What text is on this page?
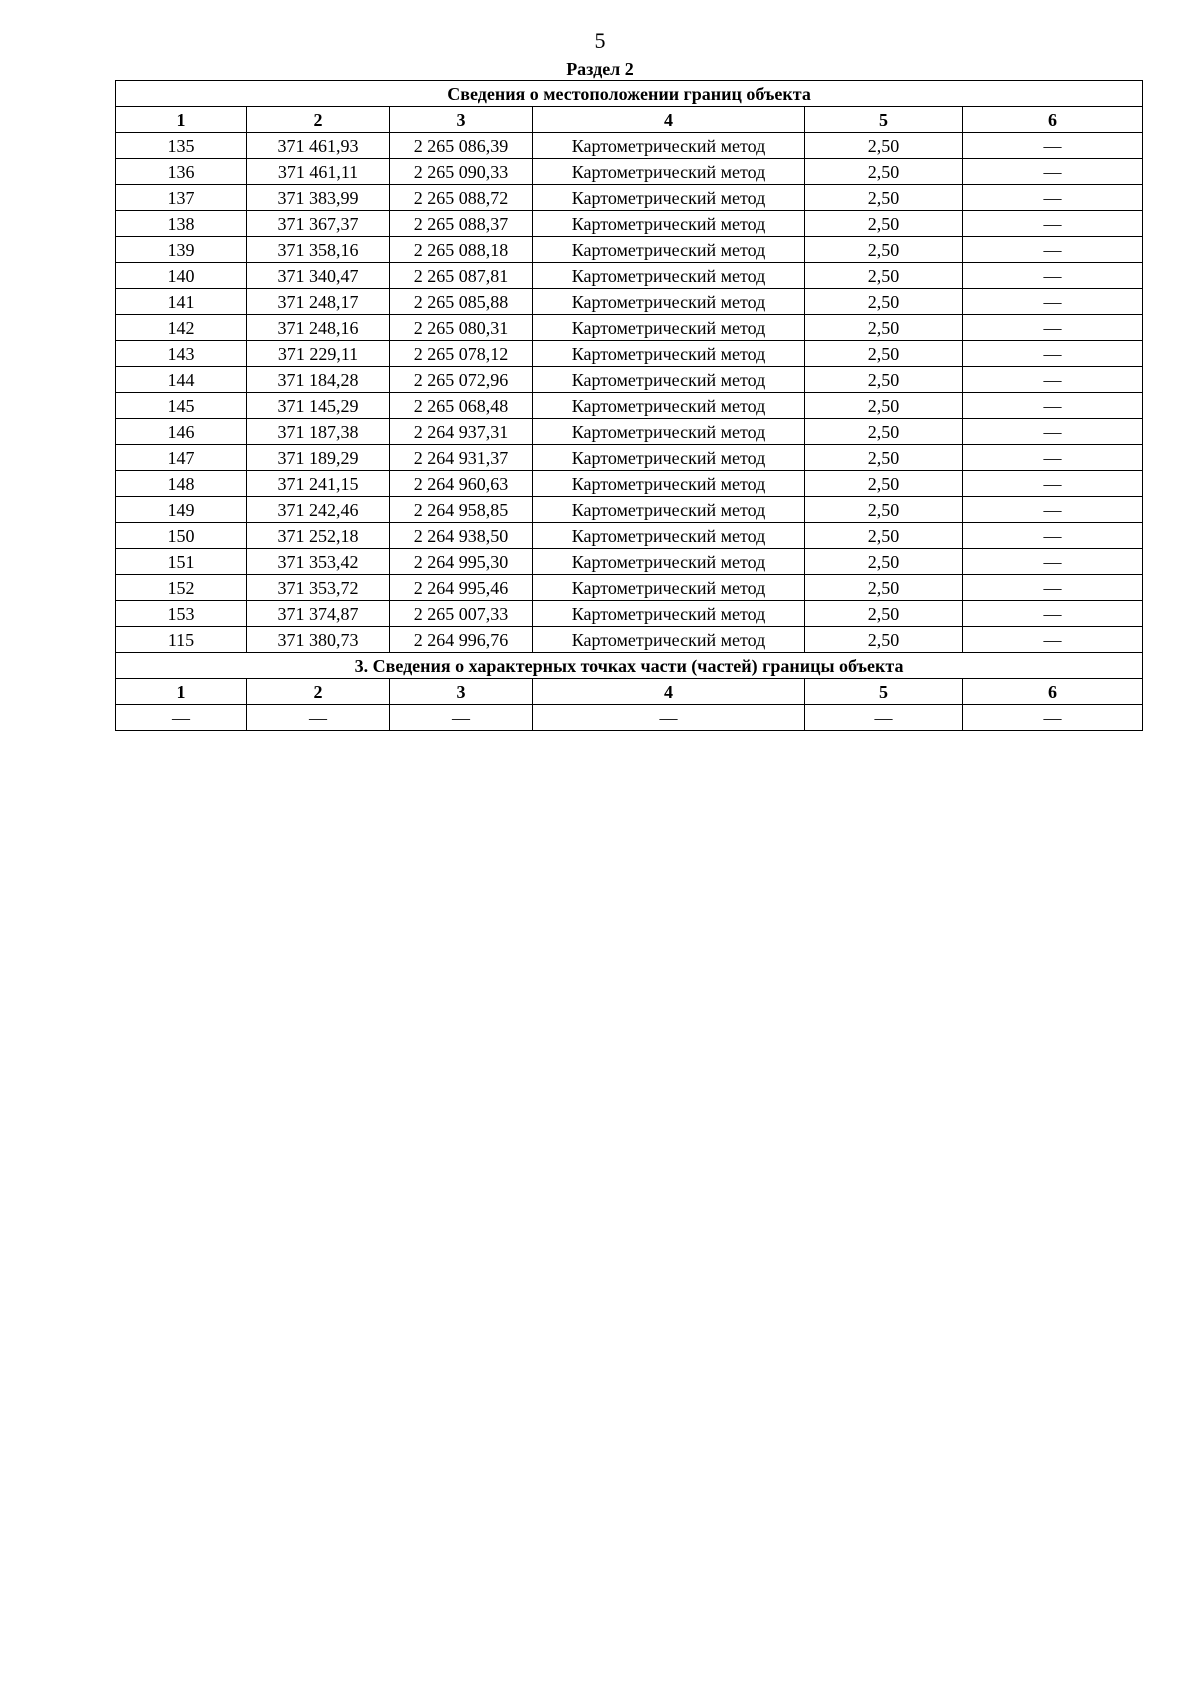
5
Раздел 2
Сведения о местоположении границ объекта					
1	2	3	4	5	6
135	371 461,93	2 265 086,39	Картометрический метод	2,50	—
136	371 461,11	2 265 090,33	Картометрический метод	2,50	—
137	371 383,99	2 265 088,72	Картометрический метод	2,50	—
138	371 367,37	2 265 088,37	Картометрический метод	2,50	—
139	371 358,16	2 265 088,18	Картометрический метод	2,50	—
140	371 340,47	2 265 087,81	Картометрический метод	2,50	—
141	371 248,17	2 265 085,88	Картометрический метод	2,50	—
142	371 248,16	2 265 080,31	Картометрический метод	2,50	—
143	371 229,11	2 265 078,12	Картометрический метод	2,50	—
144	371 184,28	2 265 072,96	Картометрический метод	2,50	—
145	371 145,29	2 265 068,48	Картометрический метод	2,50	—
146	371 187,38	2 264 937,31	Картометрический метод	2,50	—
147	371 189,29	2 264 931,37	Картометрический метод	2,50	—
148	371 241,15	2 264 960,63	Картометрический метод	2,50	—
149	371 242,46	2 264 958,85	Картометрический метод	2,50	—
150	371 252,18	2 264 938,50	Картометрический метод	2,50	—
151	371 353,42	2 264 995,30	Картометрический метод	2,50	—
152	371 353,72	2 264 995,46	Картометрический метод	2,50	—
153	371 374,87	2 265 007,33	Картометрический метод	2,50	—
115	371 380,73	2 264 996,76	Картометрический метод	2,50	—
3. Сведения о характерных точках части (частей) границы объекта					
1	2	3	4	5	6
—	—	—	—	—	—
